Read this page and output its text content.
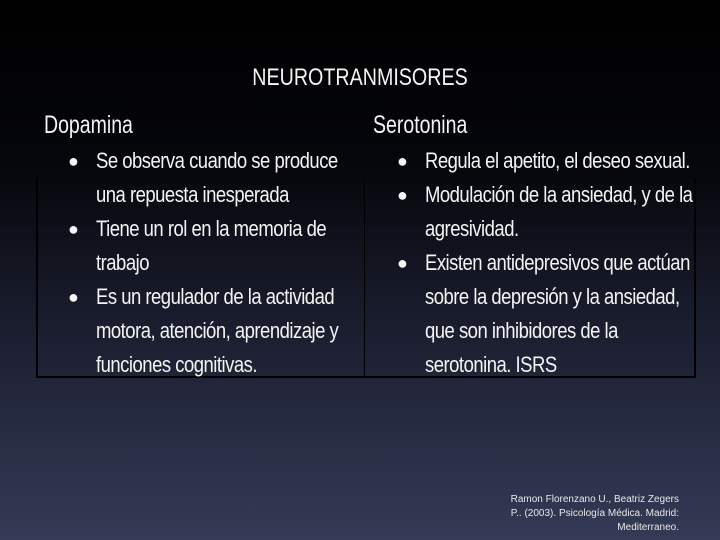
NEUROTRANMISORES
Dopamina
● Se observa cuando se produce una repuesta inesperada
● Tiene un rol en la memoria de trabajo
● Es un regulador de la actividad motora, atención, aprendizaje y funciones cognitivas.
Serotonina
● Regula el apetito, el deseo sexual.
● Modulación de la ansiedad, y de la agresividad.
● Existen antidepresivos que actúan sobre la depresión y la ansiedad, que son inhibidores de la serotonina. ISRS
Ramon Florenzano U., Beatriz Zegers P.. (2003). Psicología Médica. Madrid: Mediterraneo.
